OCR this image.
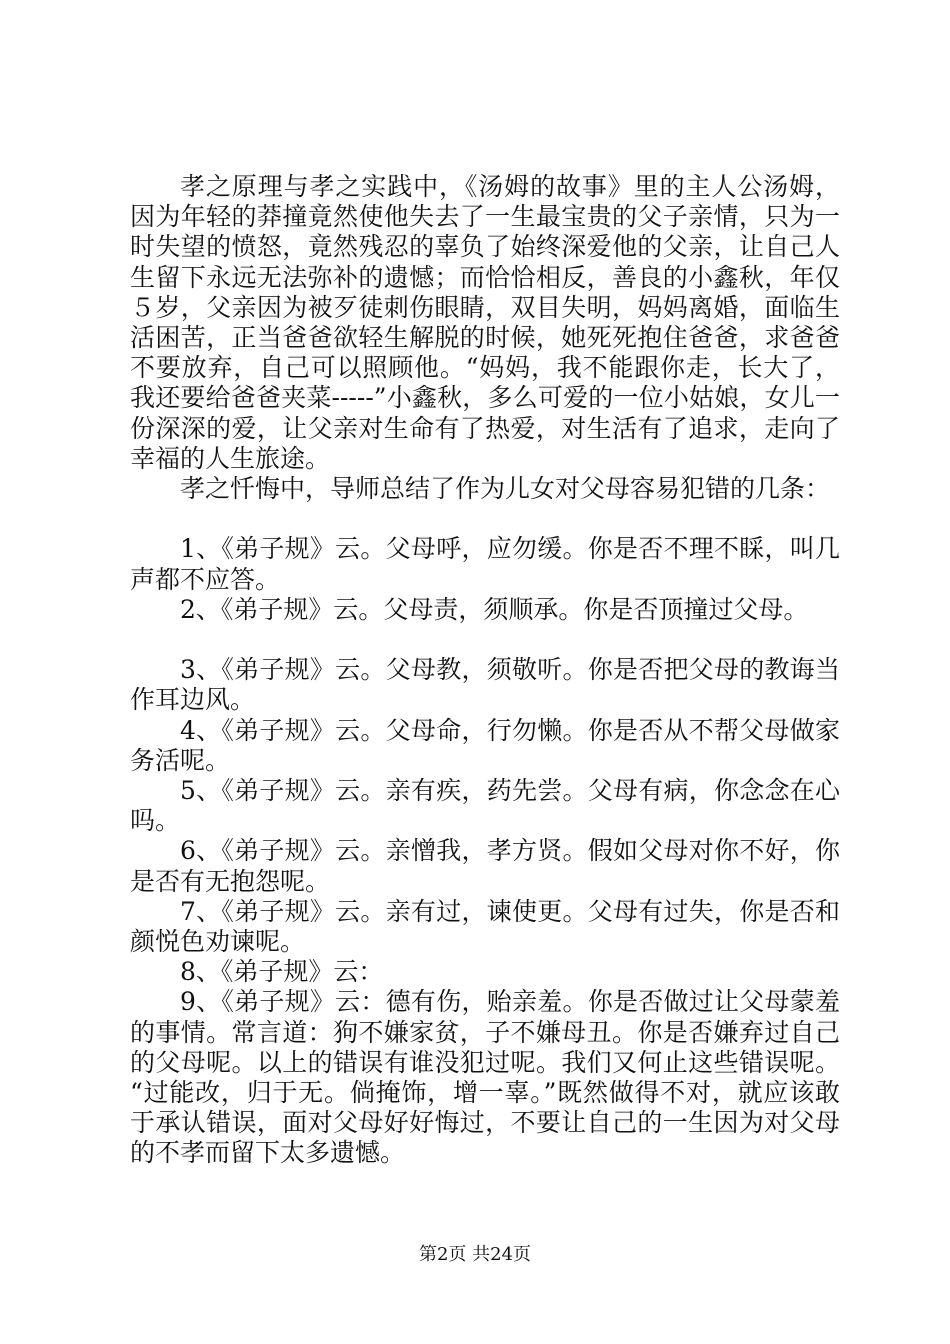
孝之原理与孝之实践中，《汤姆的故事》里的主人公汤姆，因为年轻的莽撞竟然使他失去了一生最宝贵的父子亲情，只为一时失望的愤怒，竟然残忍的辜负了始终深爱他的父亲，让自己人生留下永远无法弥补的遗憾；而恰恰相反，善良的小鑫秋，年仅５岁，父亲因为被歹徒刺伤眼睛，双目失明，妈妈离婚，面临生活困苦，正当爸爸欲轻生解脱的时候，她死死抱住爸爸，求爸爸不要放弃，自己可以照顾他。“妈妈，我不能跟你走，长大了，我还要给爸爸夹菜-----”小鑫秋，多么可爱的一位小姑娘，女儿一份深深的爱，让父亲对生命有了热爱，对生活有了追求，走向了幸福的人生旅途。

孝之忏悔中，导师总结了作为儿女对父母容易犯错的几条：

1、《弟子规》云。父母呼，应勿缓。你是否不理不睬，叫几声都不应答。

2、《弟子规》云。父母责，须顺承。你是否顶撞过父母。

3、《弟子规》云。父母教，须敬听。你是否把父母的教诲当作耳边风。

4、《弟子规》云。父母命，行勿懒。你是否从不帮父母做家务活呢。

5、《弟子规》云。亲有疾，药先尝。父母有病，你念念在心吗。

6、《弟子规》云。亲憎我，孝方贤。假如父母对你不好，你是否有无抱怨呢。

7、《弟子规》云。亲有过，谏使更。父母有过失，你是否和颜悦色劝谏呢。

8、《弟子规》云：

9、《弟子规》云：德有伤，贻亲羞。你是否做过让父母蒙羞的事情。常言道：狗不嫌家贫，子不嫌母丑。你是否嫌弃过自己的父母呢。以上的错误有谁没犯过呢。我们又何止这些错误呢。“过能改，归于无。倘掩饰，增一辜。”既然做得不对，就应该敢于承认错误，面对父母好好悔过，不要让自己的一生因为对父母的不孝而留下太多遗憾。

第2页 共24页
